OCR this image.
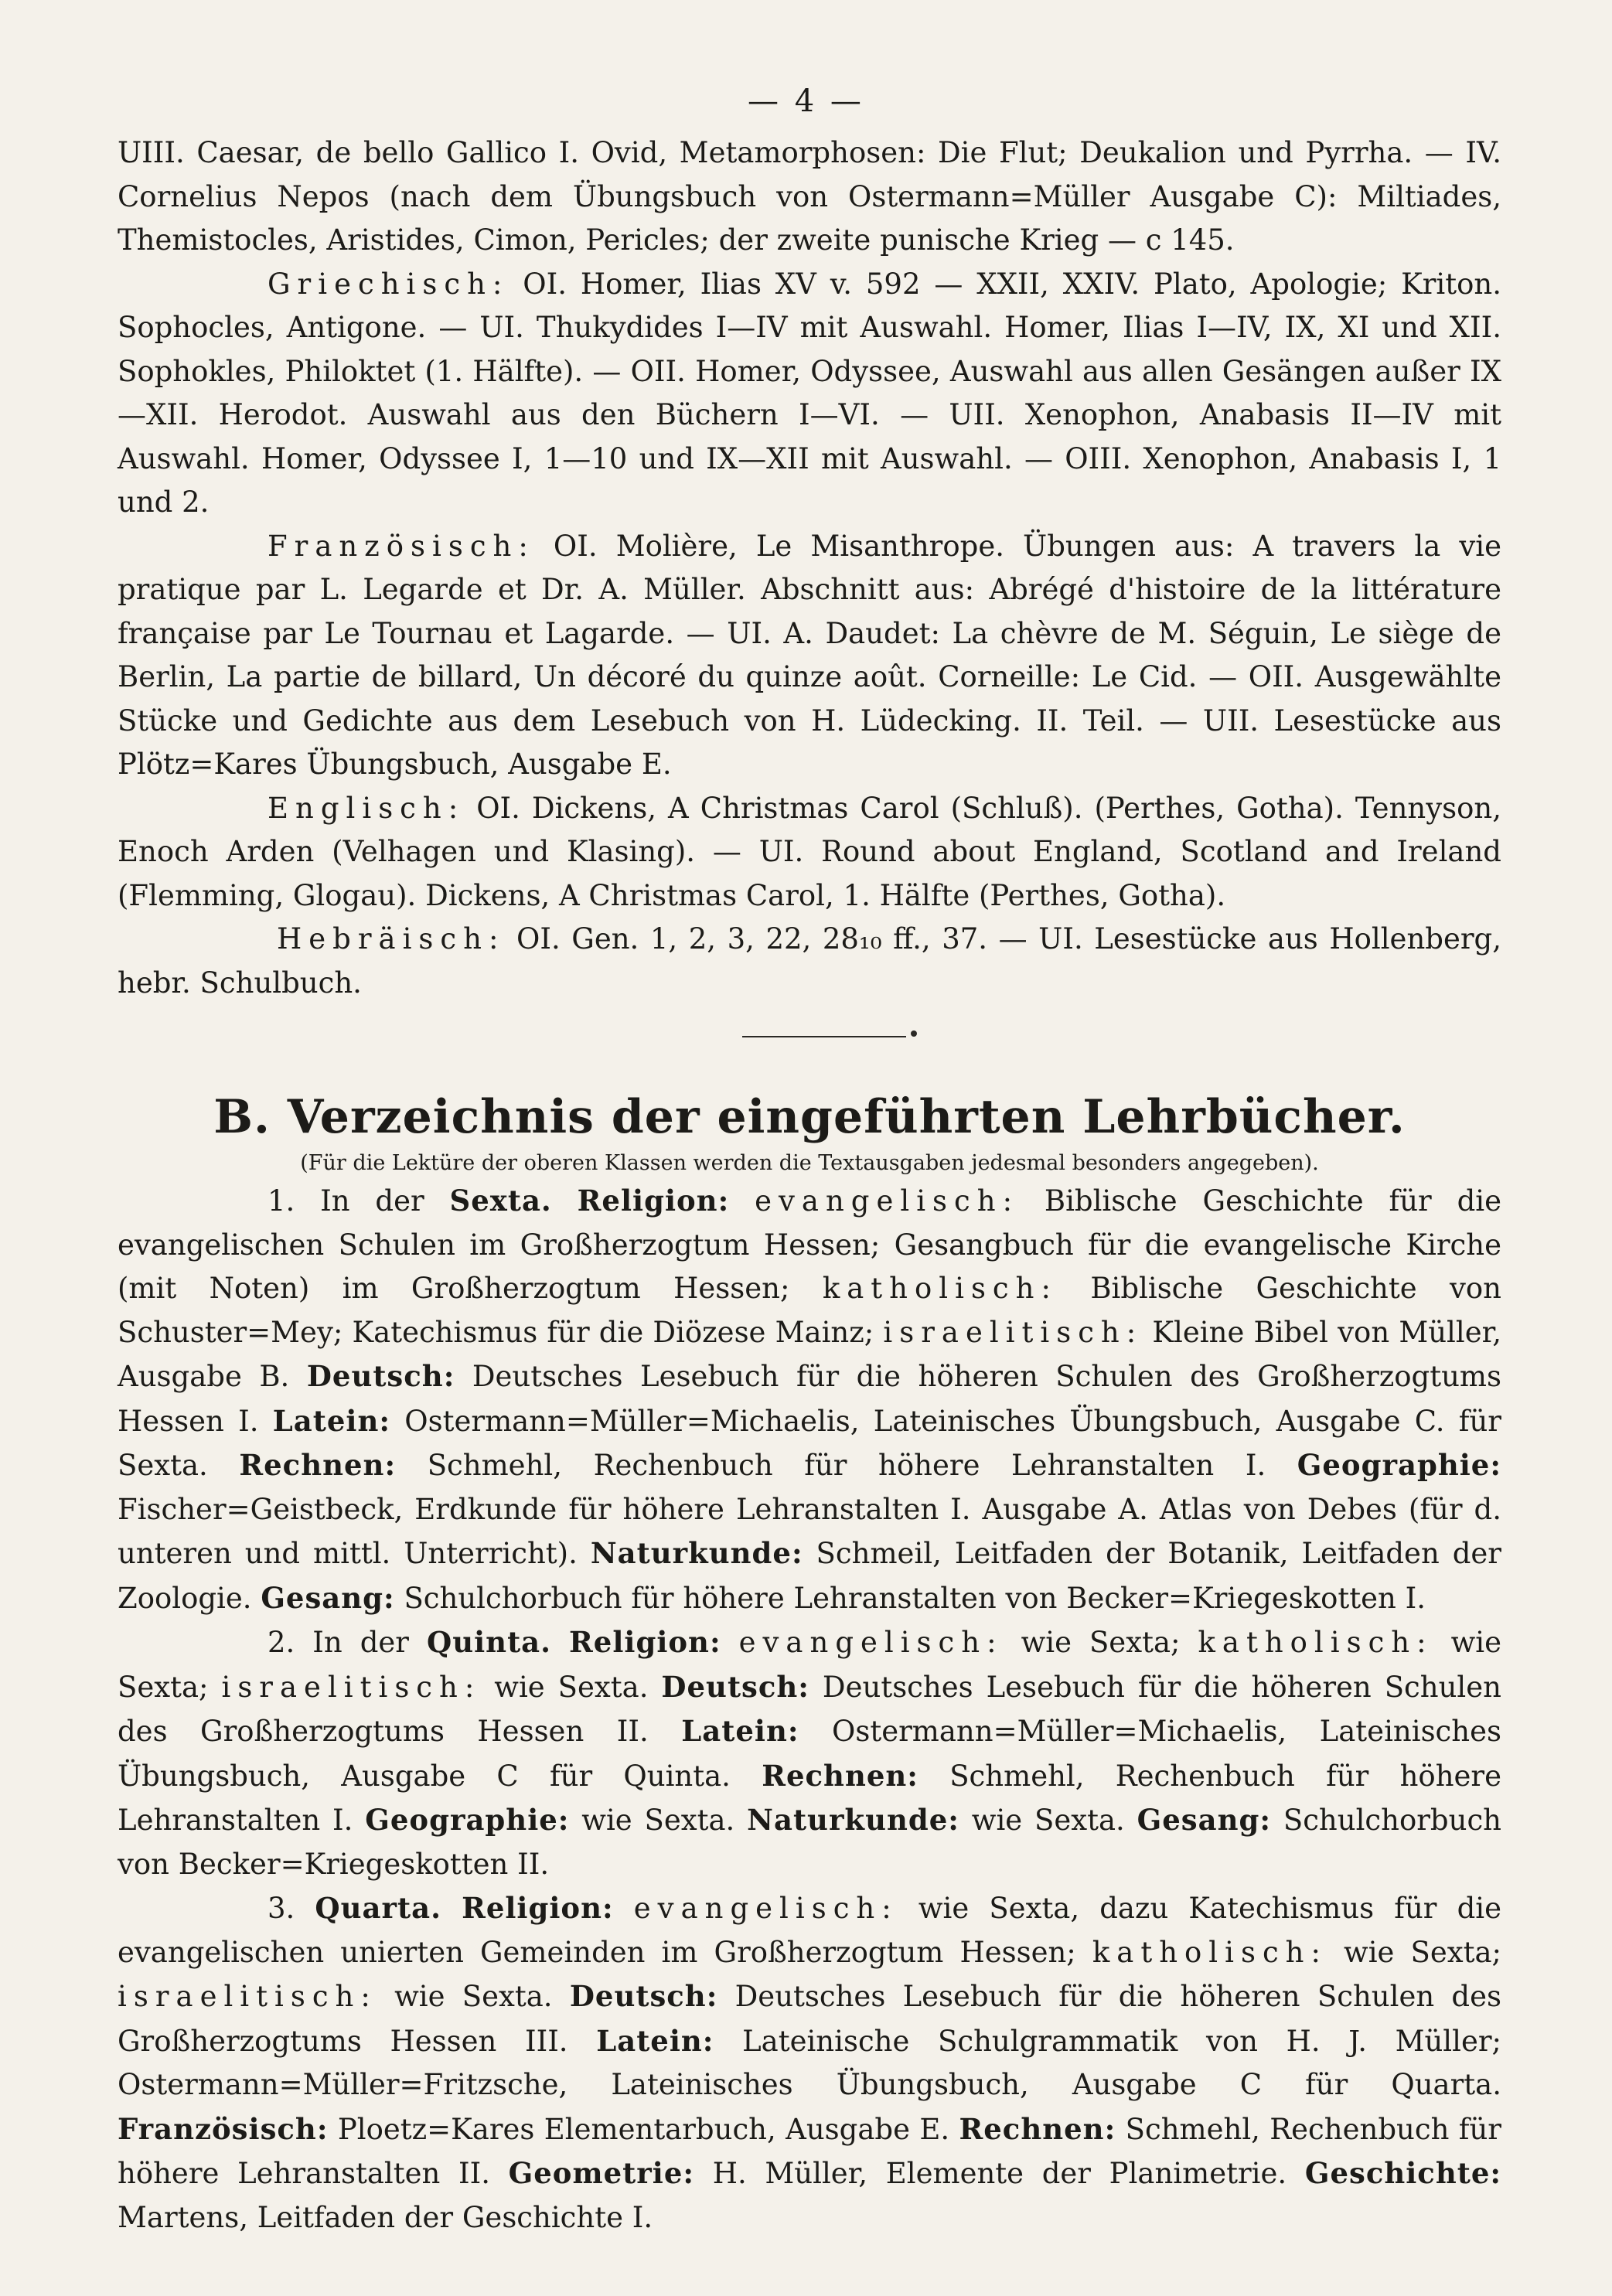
— 4 —

UIII. Caesar, de bello Gallico I. Ovid, Metamorphosen: Die Flut; Deukalion und Pyrrha. — IV. Cornelius Nepos (nach dem Übungsbuch von Ostermann=Müller Ausgabe C): Miltiades, Themistocles, Aristides, Cimon, Pericles; der zweite punische Krieg — c 145.

Griechisch: OI. Homer, Ilias XV v. 592 — XXII, XXIV. Plato, Apologie; Kriton. Sophocles, Antigone. — UI. Thukydides I—IV mit Auswahl. Homer, Ilias I—IV, IX, XI und XII. Sophokles, Philoktet (1. Hälfte). — OII. Homer, Odyssee, Auswahl aus allen Gesängen außer IX—XII. Herodot. Auswahl aus den Büchern I—VI. — UII. Xenophon, Anabasis II—IV mit Auswahl. Homer, Odyssee I, 1—10 und IX—XII mit Auswahl. — OIII. Xenophon, Anabasis I, 1 und 2.

Französisch: OI. Molière, Le Misanthrope. Übungen aus: A travers la vie pratique par L. Legarde et Dr. A. Müller. Abschnitt aus: Abrégé d'histoire de la littérature française par Le Tournau et Lagarde. — UI. A. Daudet: La chèvre de M. Séguin, Le siège de Berlin, La partie de billard, Un décoré du quinze août. Corneille: Le Cid. — OII. Ausgewählte Stücke und Gedichte aus dem Lesebuch von H. Lüdecking. II. Teil. — UII. Lesestücke aus Plötz=Kares Übungsbuch, Ausgabe E.

Englisch: OI. Dickens, A Christmas Carol (Schluß). (Perthes, Gotha). Tennyson, Enoch Arden (Velhagen und Klasing). — UI. Round about England, Scotland and Ireland (Flemming, Glogau). Dickens, A Christmas Carol, 1. Hälfte (Perthes, Gotha).

Hebräisch: OI. Gen. 1, 2, 3, 22, 28₁₀ ff., 37. — UI. Lesestücke aus Hollenberg, hebr. Schulbuch.

B. Verzeichnis der eingeführten Lehrbücher.

(Für die Lektüre der oberen Klassen werden die Textausgaben jedesmal besonders angegeben).

1. In der Sexta. Religion: evangelisch: Biblische Geschichte für die evangelischen Schulen im Großherzogtum Hessen; Gesangbuch für die evangelische Kirche (mit Noten) im Großherzogtum Hessen; katholisch: Biblische Geschichte von Schuster=Mey; Katechismus für die Diözese Mainz; israelitisch: Kleine Bibel von Müller, Ausgabe B. Deutsch: Deutsches Lesebuch für die höheren Schulen des Großherzogtums Hessen I. Latein: Ostermann=Müller=Michaelis, Lateinisches Übungsbuch, Ausgabe C. für Sexta. Rechnen: Schmehl, Rechenbuch für höhere Lehranstalten I. Geographie: Fischer=Geistbeck, Erdkunde für höhere Lehranstalten I. Ausgabe A. Atlas von Debes (für d. unteren und mittl. Unterricht). Naturkunde: Schmeil, Leitfaden der Botanik, Leitfaden der Zoologie. Gesang: Schulchorbuch für höhere Lehranstalten von Becker=Kriegeskotten I.

2. In der Quinta. Religion: evangelisch: wie Sexta; katholisch: wie Sexta; israelitisch: wie Sexta. Deutsch: Deutsches Lesebuch für die höheren Schulen des Großherzogtums Hessen II. Latein: Ostermann=Müller=Michaelis, Lateinisches Übungsbuch, Ausgabe C für Quinta. Rechnen: Schmehl, Rechenbuch für höhere Lehranstalten I. Geographie: wie Sexta. Naturkunde: wie Sexta. Gesang: Schulchorbuch von Becker=Kriegeskotten II.

3. Quarta. Religion: evangelisch: wie Sexta, dazu Katechismus für die evangelischen unierten Gemeinden im Großherzogtum Hessen; katholisch: wie Sexta; israelitisch: wie Sexta. Deutsch: Deutsches Lesebuch für die höheren Schulen des Großherzogtums Hessen III. Latein: Lateinische Schulgrammatik von H. J. Müller; Ostermann=Müller=Fritzsche, Lateinisches Übungsbuch, Ausgabe C für Quarta. Französisch: Ploetz=Kares Elementarbuch, Ausgabe E. Rechnen: Schmehl, Rechenbuch für höhere Lehranstalten II. Geometrie: H. Müller, Elemente der Planimetrie. Geschichte: Martens, Leitfaden der Geschichte I.
